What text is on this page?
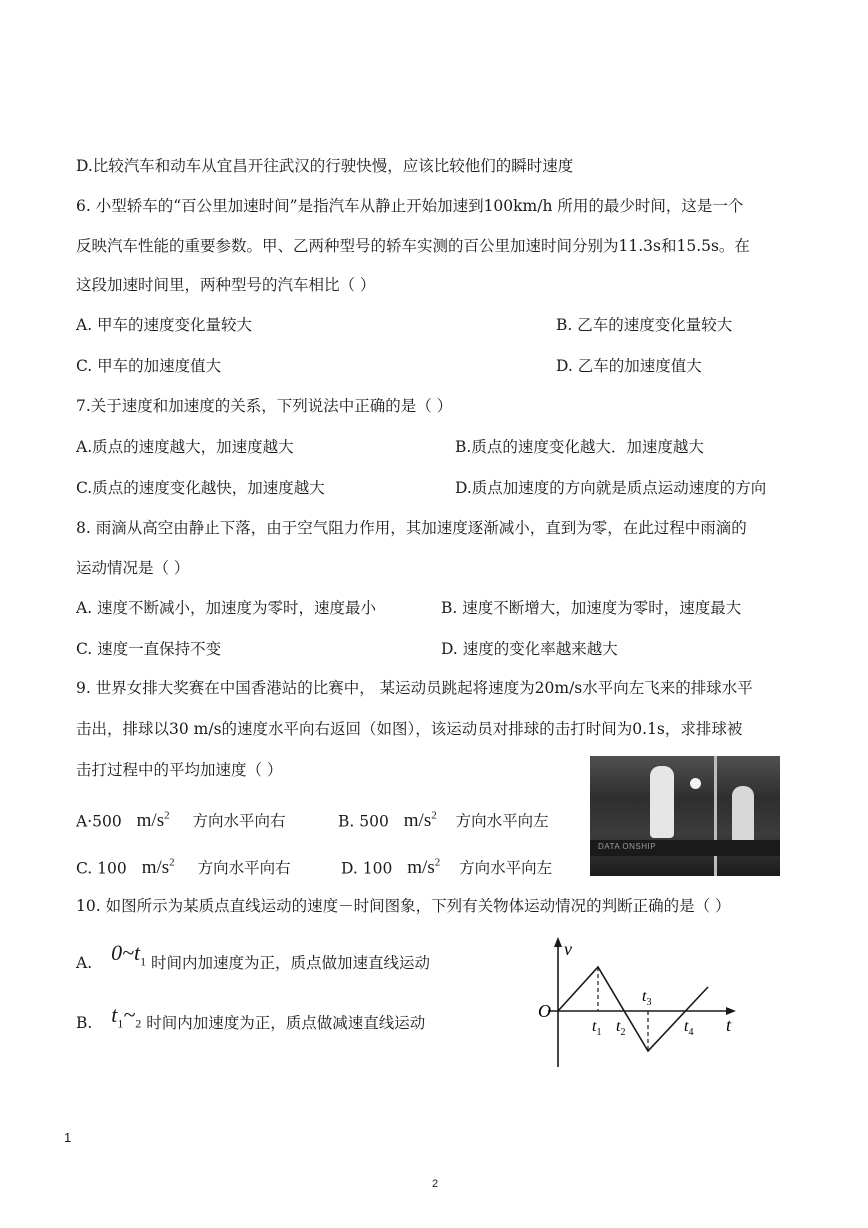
D.比较汽车和动车从宜昌开往武汉的行驶快慢，应该比较他们的瞬时速度
6. 小型轿车的“百公里加速时间”是指汽车从静止开始加速到100km/h 所用的最少时间，这是一个
反映汽车性能的重要参数。甲、乙两种型号的轿车实测的百公里加速时间分别为11.3s和15.5s。在
这段加速时间里，两种型号的汽车相比（ ）
A. 甲车的速度变化量较大	B. 乙车的速度变化量较大
C. 甲车的加速度值大	D. 乙车的加速度值大
7.关于速度和加速度的关系，下列说法中正确的是（ ）
A.质点的速度越大，加速度越大	B.质点的速度变化越大．加速度越大
C.质点的速度变化越快，加速度越大	D.质点加速度的方向就是质点运动速度的方向
8. 雨滴从高空由静止下落，由于空气阻力作用，其加速度逐渐减小，直到为零，在此过程中雨滴的
运动情况是（ ）
A. 速度不断减小，加速度为零时，速度最小	B. 速度不断增大，加速度为零时，速度最大
C. 速度一直保持不变	D. 速度的变化率越来越大
9. 世界女排大奖赛在中国香港站的比赛中， 某运动员跳起将速度为20m/s水平向左飞来的排球水平
击出，排球以30 m/s的速度水平向右返回（如图），该运动员对排球的击打时间为0.1s，求排球被
击打过程中的平均加速度（ ）
DATA ONSHIP
A·500 $m/s^2$ 方向水平向右	B. 500 $m/s^2$ 方向水平向左
C. 100 $m/s^2$ 方向水平向右	D. 100 $m/s^2$ 方向水平向左
10. 如图所示为某质点直线运动的速度－时间图象，下列有关物体运动情况的判断正确的是（ ）
A. $0\sim t_1$ 时间内加速度为正，质点做加速直线运动
B. $t_1\sim_2$ 时间内加速度为正，质点做减速直线运动
v
t
O
$t_1$ $t_2$
$t_3$
$t_4$
1
2
